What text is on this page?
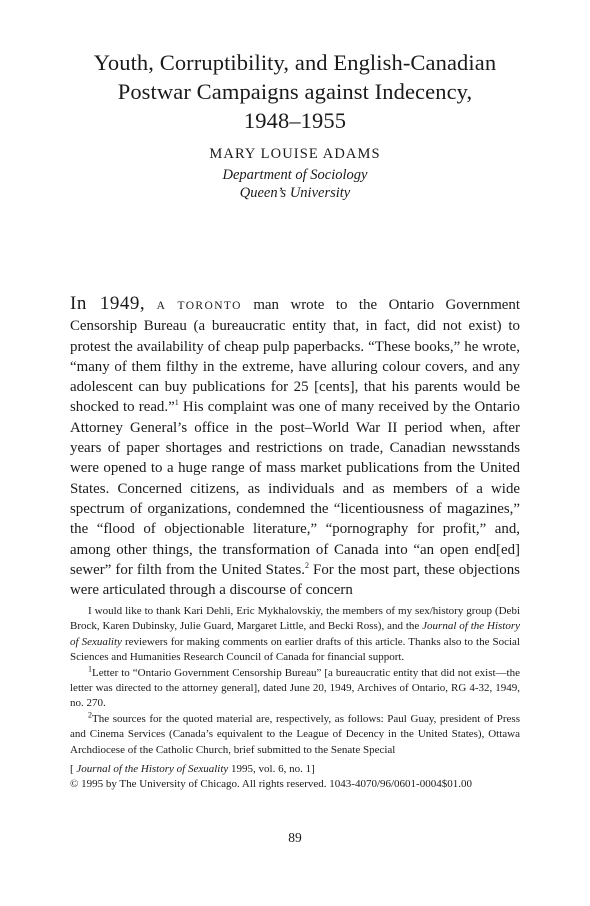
Youth, Corruptibility, and English-Canadian
Postwar Campaigns against Indecency,
1948–1955
MARY LOUISE ADAMS
Department of Sociology
Queen’s University

In 1949, A TORONTO man wrote to the Ontario Government Censorship Bureau (a bureaucratic entity that, in fact, did not exist) to protest the availability of cheap pulp paperbacks. “These books,” he wrote, “many of them filthy in the extreme, have alluring colour covers, and any adolescent can buy publications for 25 [cents], that his parents would be shocked to read.”$^1$ His complaint was one of many received by the Ontario Attorney General’s office in the post–World War II period when, after years of paper shortages and restrictions on trade, Canadian newsstands were opened to a huge range of mass market publications from the United States. Concerned citizens, as individuals and as members of a wide spectrum of organizations, condemned the “licentiousness of magazines,” the “flood of objectionable literature,” “pornography for profit,” and, among other things, the transformation of Canada into “an open end[ed] sewer” for filth from the United States.$^2$ For the most part, these objections were articulated through a discourse of concern

I would like to thank Kari Dehli, Eric Mykhalovskiy, the members of my sex/history group (Debi Brock, Karen Dubinsky, Julie Guard, Margaret Little, and Becki Ross), and the Journal of the History of Sexuality reviewers for making comments on earlier drafts of this article. Thanks also to the Social Sciences and Humanities Research Council of Canada for financial support.

$^1$Letter to “Ontario Government Censorship Bureau” [a bureaucratic entity that did not exist—the letter was directed to the attorney general], dated June 20, 1949, Archives of Ontario, RG 4-32, 1949, no. 270.

$^2$The sources for the quoted material are, respectively, as follows: Paul Guay, president of Press and Cinema Services (Canada’s equivalent to the League of Decency in the United States), Ottawa Archdiocese of the Catholic Church, brief submitted to the Senate Special

[ Journal of the History of Sexuality 1995, vol. 6, no. 1]

© 1995 by The University of Chicago. All rights reserved. 1043-4070/96/0601-0004$01.00

89
